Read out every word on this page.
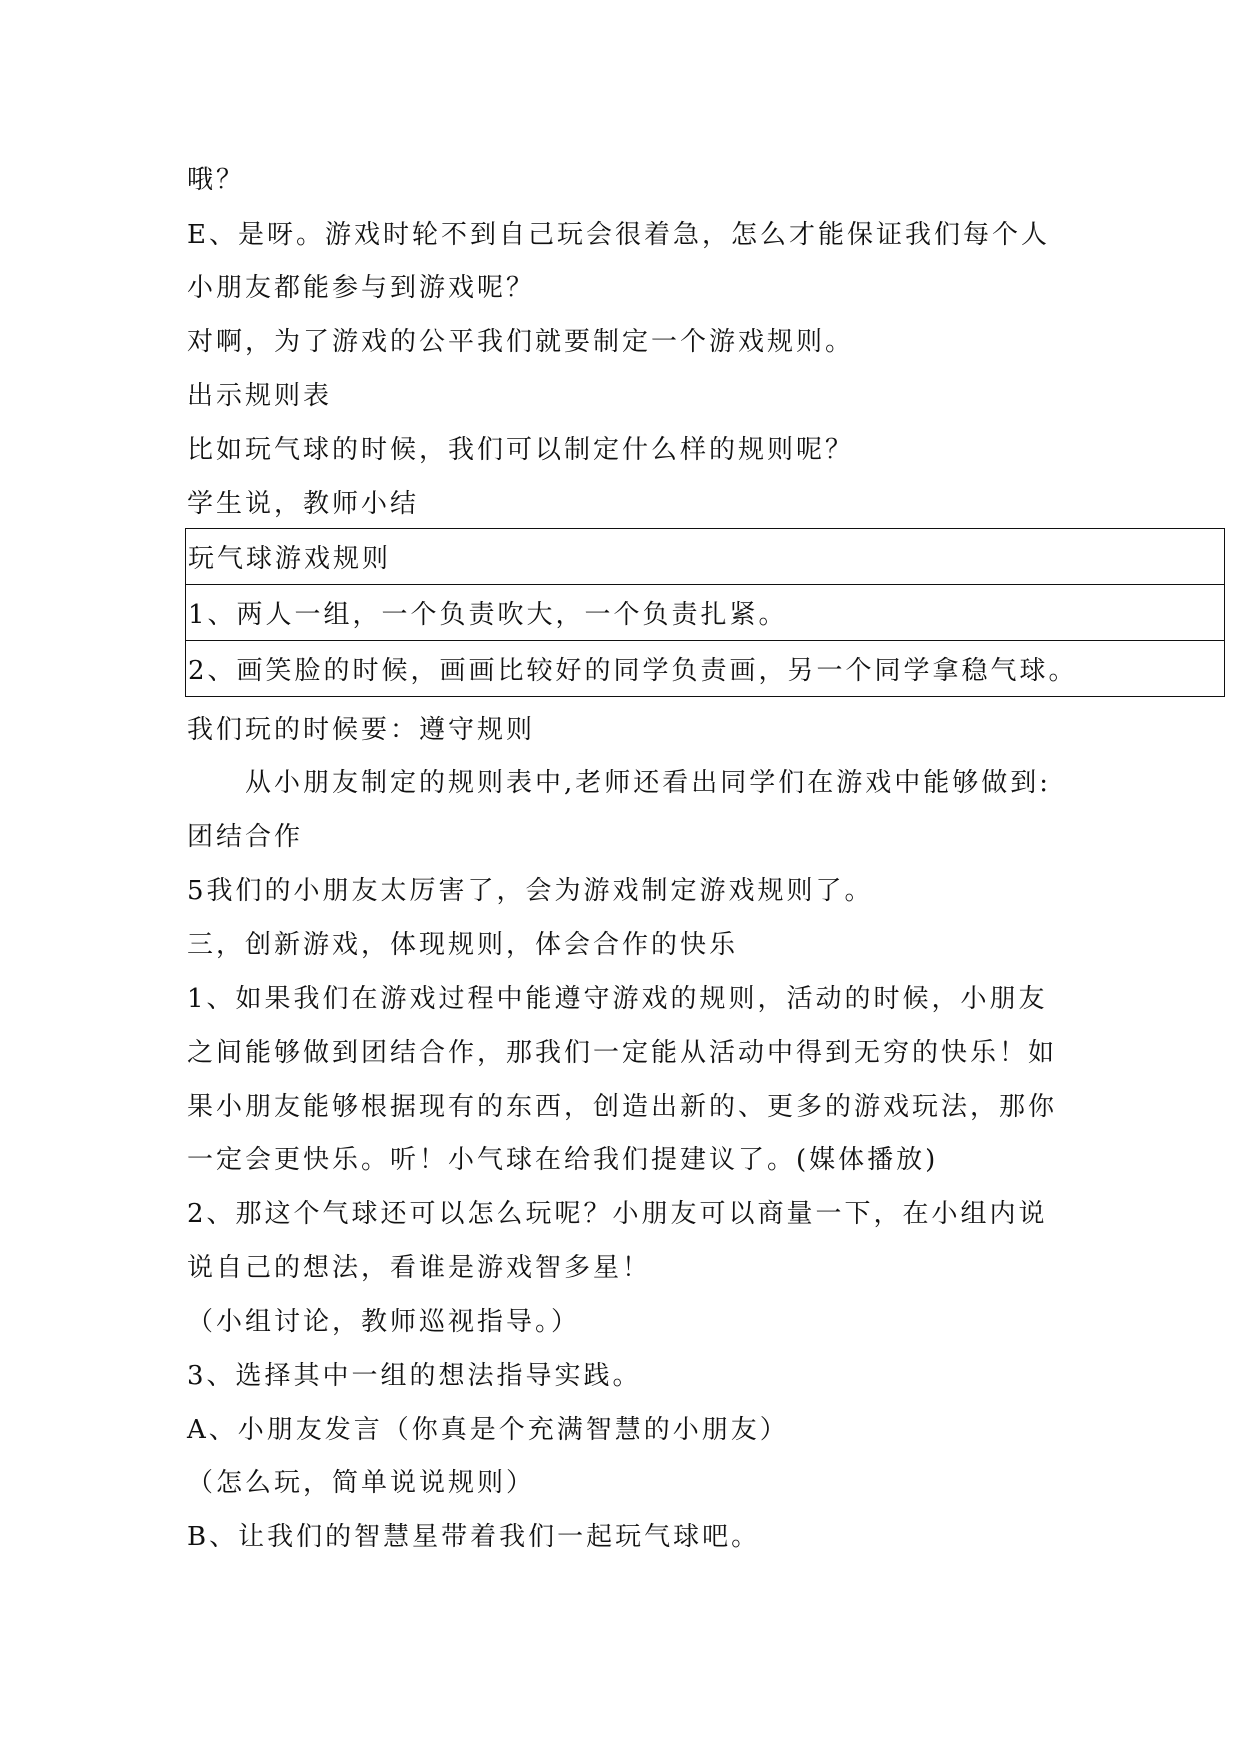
哦？
E、是呀。游戏时轮不到自己玩会很着急，怎么才能保证我们每个人
小朋友都能参与到游戏呢？
对啊，为了游戏的公平我们就要制定一个游戏规则。
出示规则表
比如玩气球的时候，我们可以制定什么样的规则呢？
学生说，教师小结
玩气球游戏规则
1、两人一组，一个负责吹大，一个负责扎紧。
2、画笑脸的时候，画画比较好的同学负责画，另一个同学拿稳气球。
我们玩的时候要：遵守规则
从小朋友制定的规则表中,老师还看出同学们在游戏中能够做到:
团结合作
5我们的小朋友太厉害了，会为游戏制定游戏规则了。
三，创新游戏，体现规则，体会合作的快乐
1、如果我们在游戏过程中能遵守游戏的规则，活动的时候，小朋友
之间能够做到团结合作，那我们一定能从活动中得到无穷的快乐！如
果小朋友能够根据现有的东西，创造出新的、更多的游戏玩法，那你
一定会更快乐。听！小气球在给我们提建议了。(媒体播放)
2、那这个气球还可以怎么玩呢？小朋友可以商量一下，在小组内说
说自己的想法，看谁是游戏智多星！
（小组讨论，教师巡视指导。）
3、选择其中一组的想法指导实践。
A、小朋友发言（你真是个充满智慧的小朋友）
（怎么玩，简单说说规则）
B、让我们的智慧星带着我们一起玩气球吧。
